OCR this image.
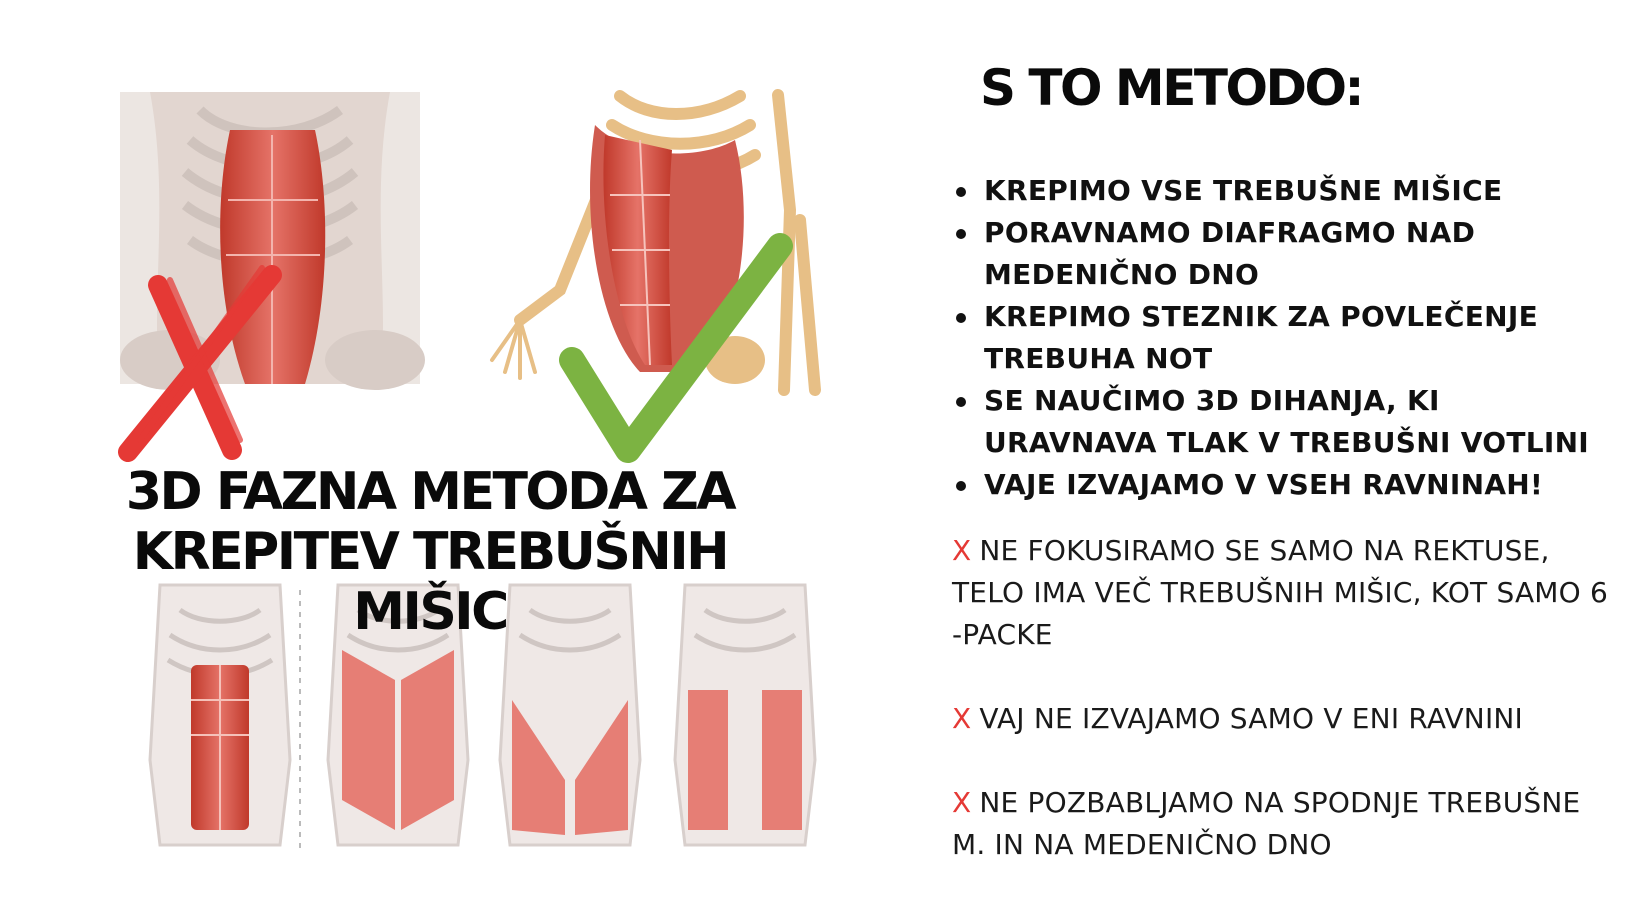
3D FAZNA METODA ZA
KREPITEV TREBUŠNIH MIŠIC
S TO METODO:
KREPIMO VSE TREBUŠNE MIŠICE
PORAVNAMO DIAFRAGMO NAD MEDENIČNO DNO
KREPIMO STEZNIK ZA POVLEČENJE TREBUHA NOT
SE NAUČIMO 3D DIHANJA, KI URAVNAVA TLAK V TREBUŠNI VOTLINI
VAJE IZVAJAMO V VSEH RAVNINAH!

X NE FOKUSIRAMO SE SAMO NA REKTUSE, TELO IMA VEČ TREBUŠNIH MIŠIC, KOT SAMO 6 -PACKE

X VAJ NE IZVAJAMO SAMO V ENI RAVNINI

X NE POZBABLJAMO NA SPODNJE TREBUŠNE M. IN NA MEDENIČNO DNO
